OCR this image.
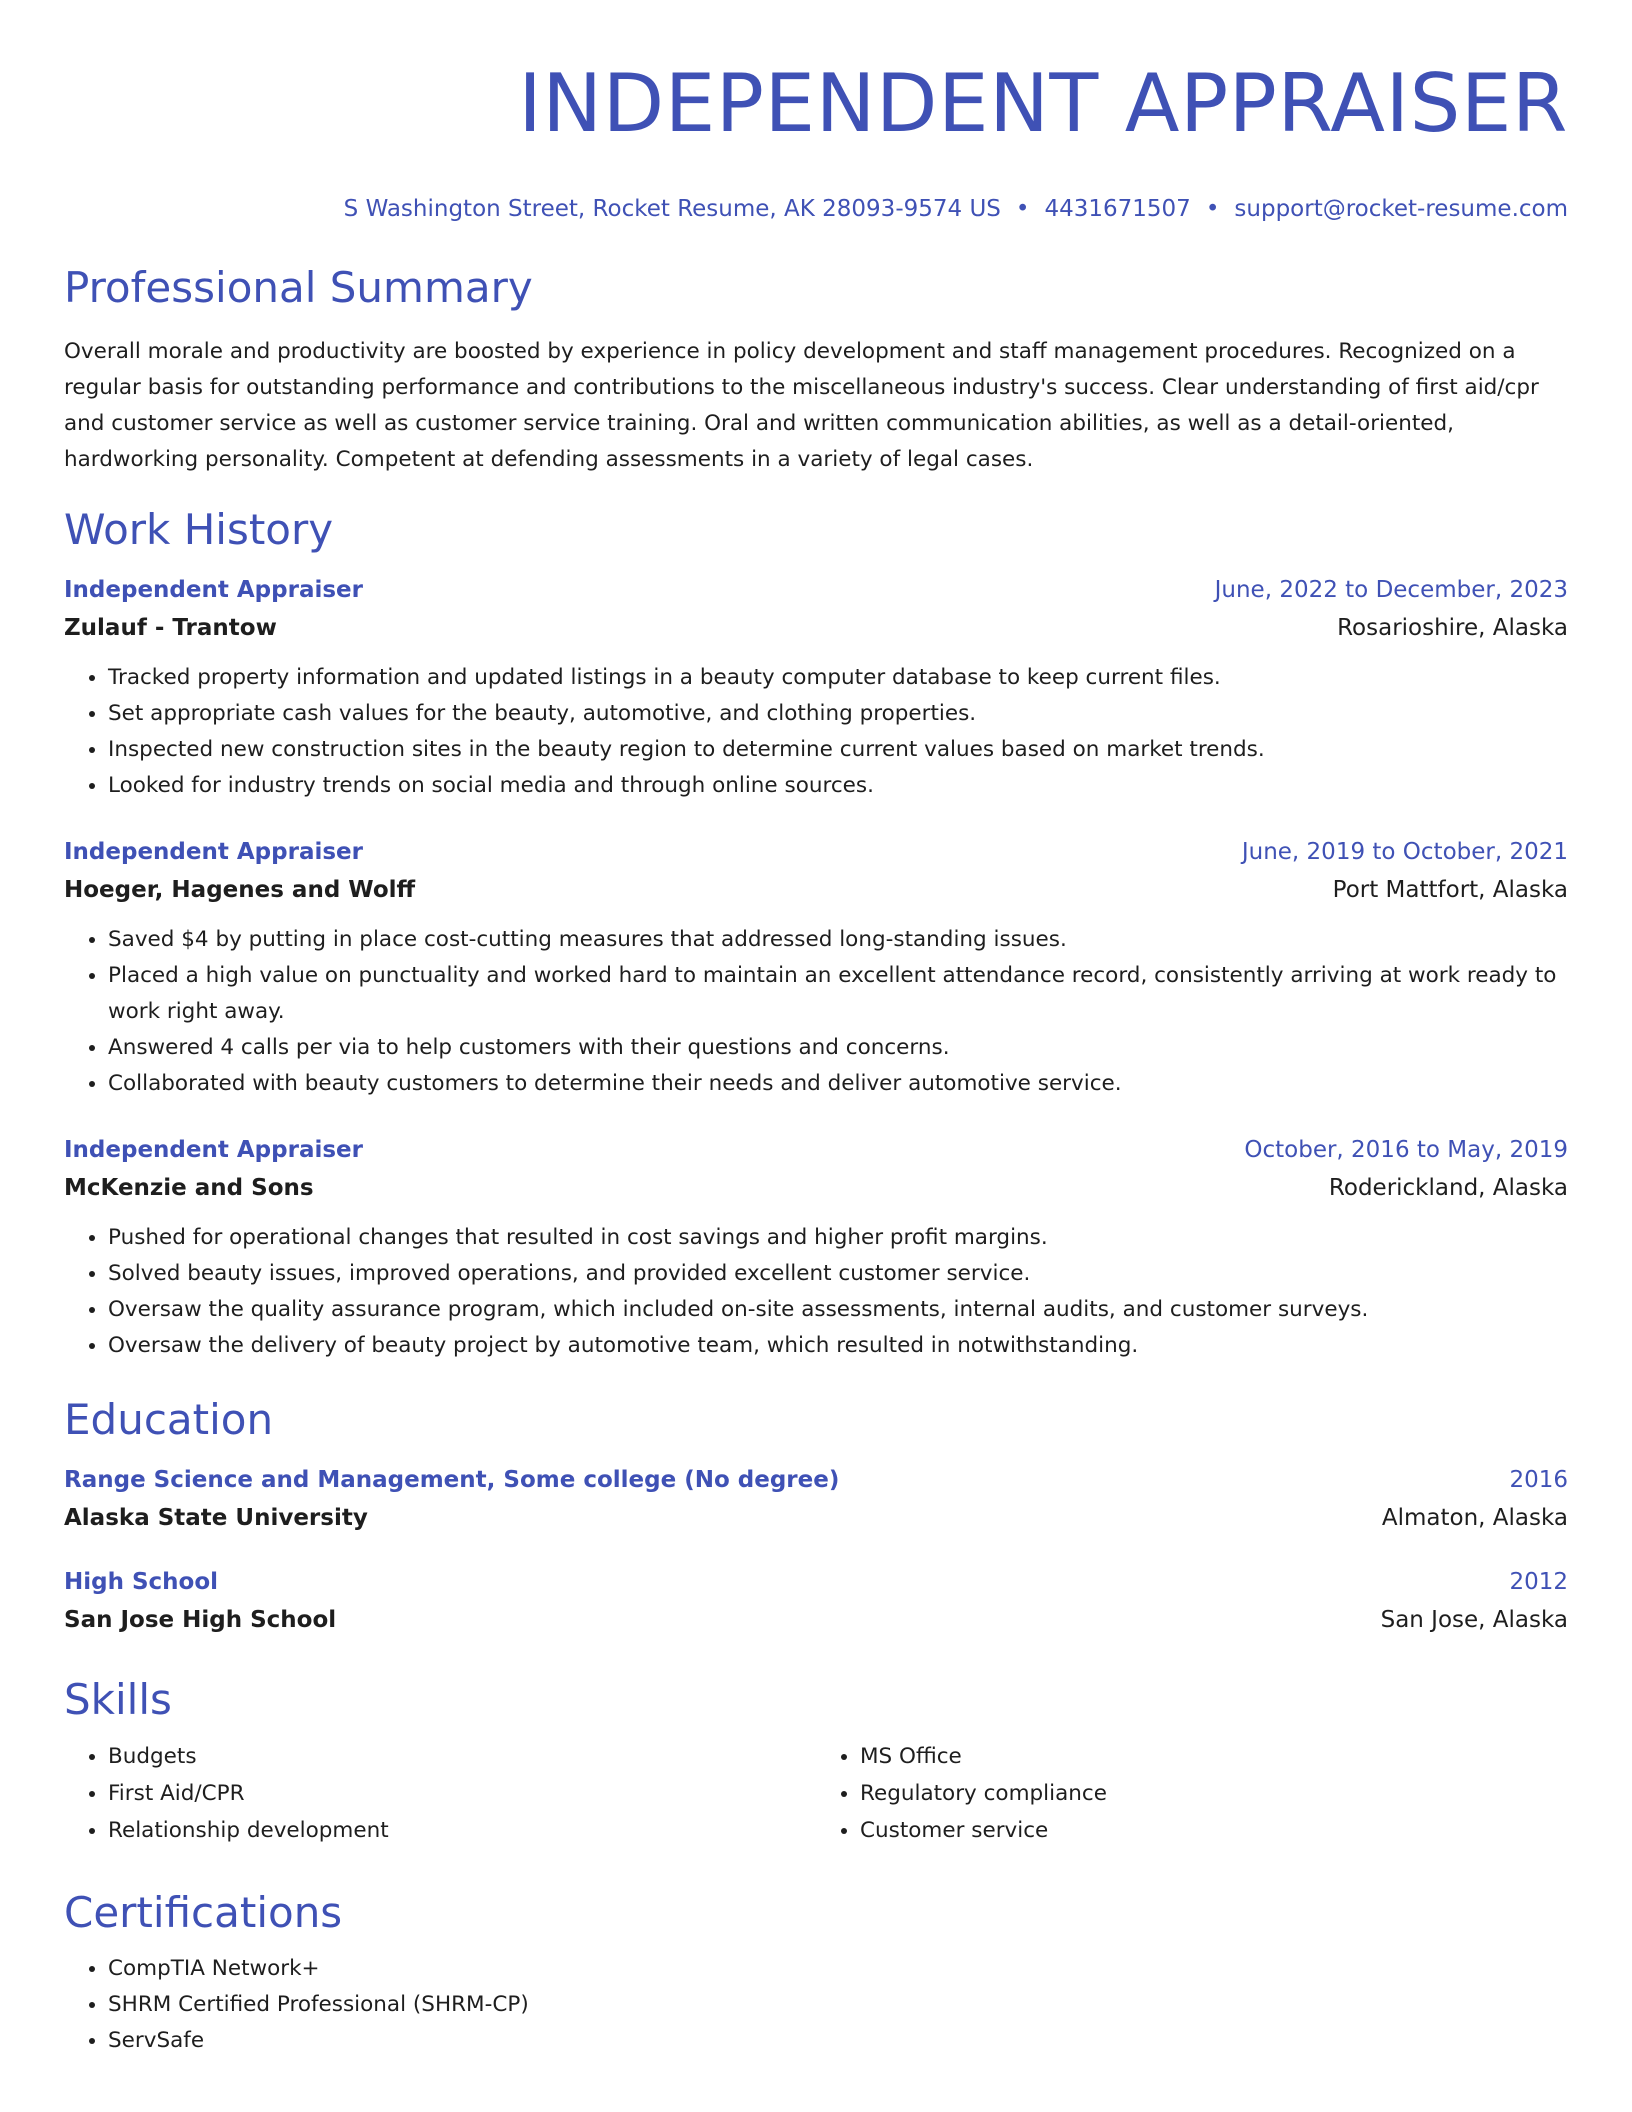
INDEPENDENT APPRAISER
S Washington Street, Rocket Resume, AK 28093-9574 US • 4431671507 • support@rocket-resume.com
Professional Summary
Overall morale and productivity are boosted by experience in policy development and staff management procedures. Recognized on a regular basis for outstanding performance and contributions to the miscellaneous industry's success. Clear understanding of first aid/cpr and customer service as well as customer service training. Oral and written communication abilities, as well as a detail-oriented, hardworking personality. Competent at defending assessments in a variety of legal cases.
Work History
Independent Appraiser	June, 2022 to December, 2023
Zulauf - Trantow	Rosarioshire, Alaska
• Tracked property information and updated listings in a beauty computer database to keep current files.
• Set appropriate cash values for the beauty, automotive, and clothing properties.
• Inspected new construction sites in the beauty region to determine current values based on market trends.
• Looked for industry trends on social media and through online sources.
Independent Appraiser	June, 2019 to October, 2021
Hoeger, Hagenes and Wolff	Port Mattfort, Alaska
• Saved $4 by putting in place cost-cutting measures that addressed long-standing issues.
• Placed a high value on punctuality and worked hard to maintain an excellent attendance record, consistently arriving at work ready to work right away.
• Answered 4 calls per via to help customers with their questions and concerns.
• Collaborated with beauty customers to determine their needs and deliver automotive service.
Independent Appraiser	October, 2016 to May, 2019
McKenzie and Sons	Roderickland, Alaska
• Pushed for operational changes that resulted in cost savings and higher profit margins.
• Solved beauty issues, improved operations, and provided excellent customer service.
• Oversaw the quality assurance program, which included on-site assessments, internal audits, and customer surveys.
• Oversaw the delivery of beauty project by automotive team, which resulted in notwithstanding.
Education
Range Science and Management, Some college (No degree)	2016
Alaska State University	Almaton, Alaska
High School	2012
San Jose High School	San Jose, Alaska
Skills
• Budgets
• First Aid/CPR
• Relationship development
• MS Office
• Regulatory compliance
• Customer service
Certifications
• CompTIA Network+
• SHRM Certified Professional (SHRM-CP)
• ServSafe
